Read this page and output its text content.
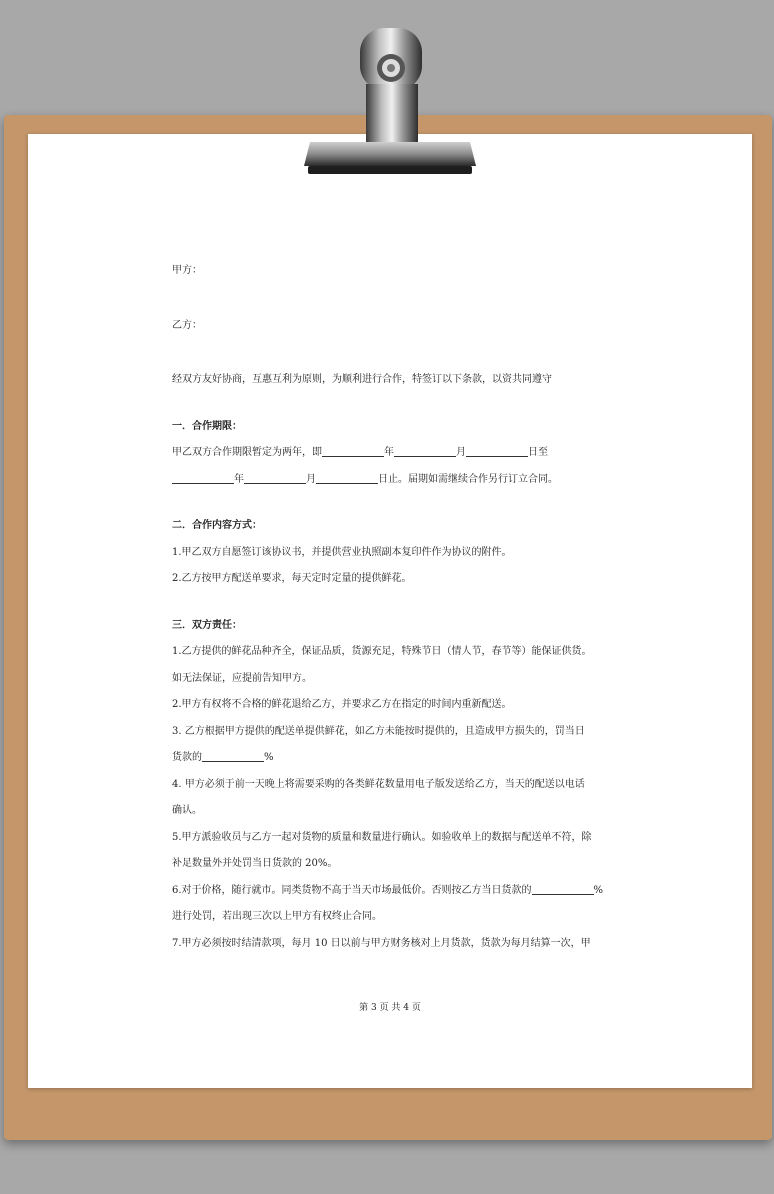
甲方：

乙方：

经双方友好协商，互惠互利为原则，为顺利进行合作，特签订以下条款，以资共同遵守

一．合作期限：

甲乙双方合作期限暂定为两年，即	年	月	日至

年	月	日止。届期如需继续合作另行订立合同。

二．合作内容方式：

1.甲乙双方自愿签订该协议书，并提供营业执照副本复印件作为协议的附件。

2.乙方按甲方配送单要求，每天定时定量的提供鲜花。

三．双方责任：

1.乙方提供的鲜花品种齐全，保证品质，货源充足，特殊节日（情人节，春节等）能保证供货。

如无法保证，应提前告知甲方。

2.甲方有权将不合格的鲜花退给乙方，并要求乙方在指定的时间内重新配送。

3. 乙方根据甲方提供的配送单提供鲜花，如乙方未能按时提供的，且造成甲方损失的，罚当日

货款的	%

4. 甲方必须于前一天晚上将需要采购的各类鲜花数量用电子版发送给乙方，当天的配送以电话

确认。

5.甲方派验收员与乙方一起对货物的质量和数量进行确认。如验收单上的数据与配送单不符，除

补足数量外并处罚当日货款的 20%。

6.对于价格，随行就市。同类货物不高于当天市场最低价。否则按乙方当日货款的	%

进行处罚，若出现三次以上甲方有权终止合同。

7.甲方必须按时结清款项，每月 10 日以前与甲方财务核对上月货款，货款为每月结算一次，甲

第 3 页 共 4 页
